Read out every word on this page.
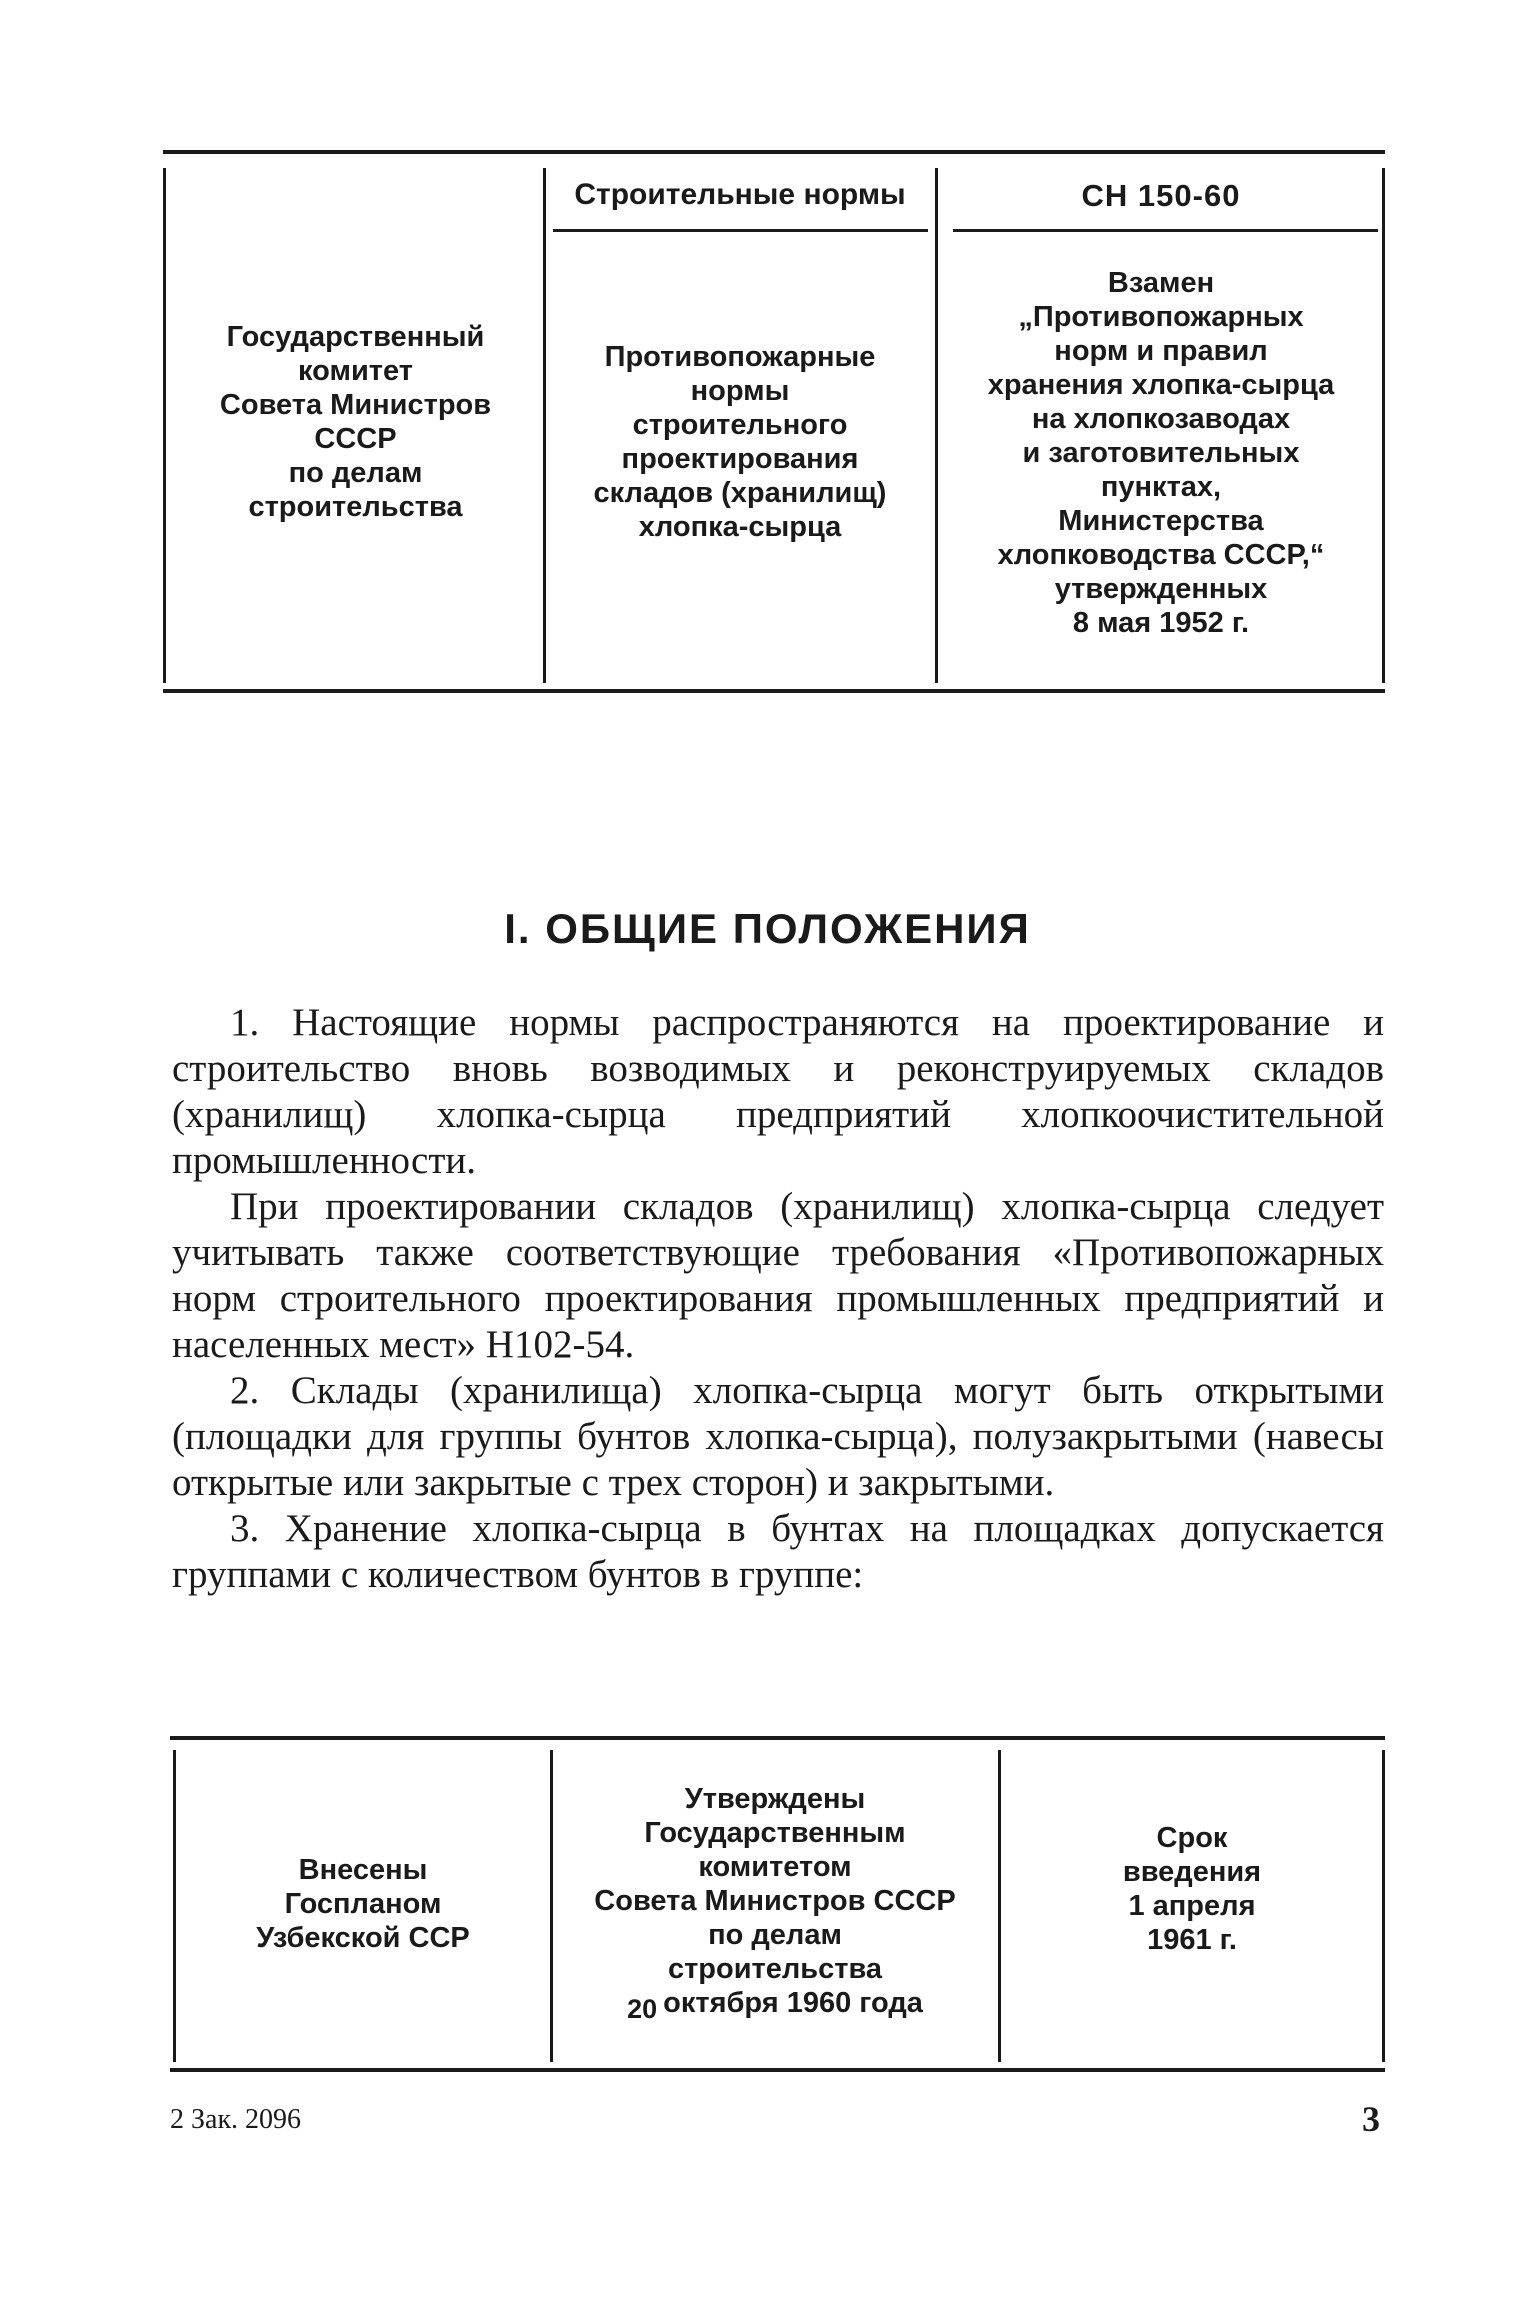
Государственный
комитет
Совета Министров
СССР
по делам
строительства
Строительные нормы	СН 150-60
Противопожарные
нормы
строительного
проектирования
складов (хранилищ)
хлопка-сырца
Взамен
„Противопожарных
норм и правил
хранения хлопка-сырца
на хлопкозаводах
и заготовительных
пунктах,
Министерства
хлопководства СССР,“
утвержденных
8 мая 1952 г.
I. ОБЩИЕ ПОЛОЖЕНИЯ

1. Настоящие нормы распространяются на проектирование и строительство вновь возводимых и реконструируемых складов (хранилищ) хлопка-сырца предприятий хлопкоочистительной промышленности.

При проектировании складов (хранилищ) хлопка-сырца следует учитывать также соответствующие требования «Противопожарных норм строительного проектирования промышленных предприятий и населенных мест» Н102-54.

2. Склады (хранилища) хлопка-сырца могут быть открытыми (площадки для группы бунтов хлопка-сырца), полузакрытыми (навесы открытые или закрытые с трех сторон) и закрытыми.

3. Хранение хлопка-сырца в бунтах на площадках допускается группами с количеством бунтов в группе:

Внесены
Госпланом
Узбекской ССР
Утверждены
Государственным
комитетом
Совета Министров СССР
по делам
строительства
20 октября 1960 года
Срок
введения
1 апреля
1961 г.
2 Зак. 2096	3
